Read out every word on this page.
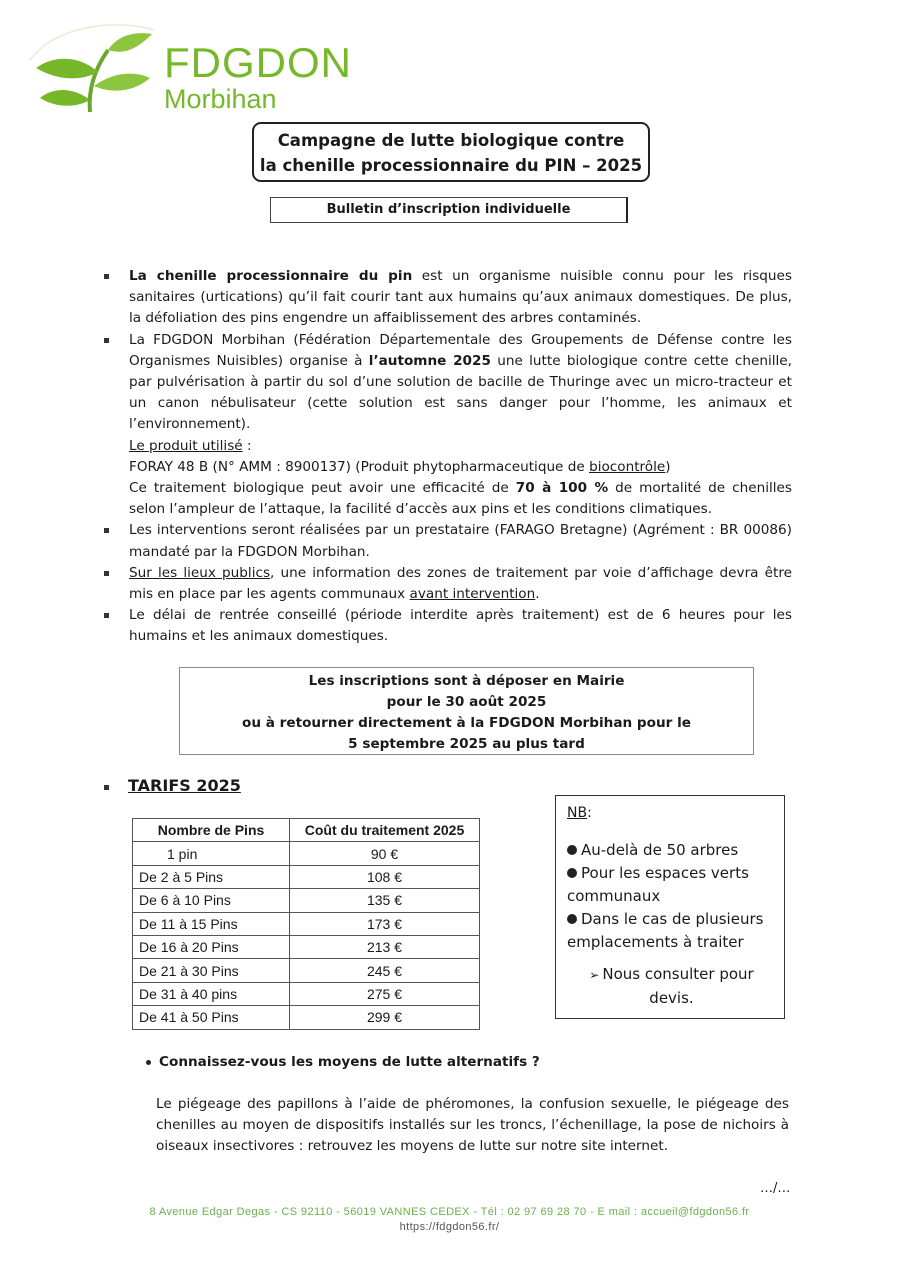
FDGDON
Morbihan
Campagne de lutte biologique contre
la chenille processionnaire du PIN – 2025
Bulletin d’inscription individuelle
La chenille processionnaire du pin est un organisme nuisible connu pour les risques sanitaires (urtications) qu’il fait courir tant aux humains qu’aux animaux domestiques. De plus, la défoliation des pins engendre un affaiblissement des arbres contaminés.
La FDGDON Morbihan (Fédération Départementale des Groupements de Défense contre les Organismes Nuisibles) organise à l’automne 2025 une lutte biologique contre cette chenille, par pulvérisation à partir du sol d’une solution de bacille de Thuringe avec un micro-tracteur et un canon nébulisateur (cette solution est sans danger pour l’homme, les animaux et l’environnement).
Le produit utilisé :
FORAY 48 B (N° AMM : 8900137) (Produit phytopharmaceutique de biocontrôle)
Ce traitement biologique peut avoir une efficacité de 70 à 100 % de mortalité de chenilles selon l’ampleur de l’attaque, la facilité d’accès aux pins et les conditions climatiques.
Les interventions seront réalisées par un prestataire (FARAGO Bretagne) (Agrément : BR 00086) mandaté par la FDGDON Morbihan.
Sur les lieux publics, une information des zones de traitement par voie d’affichage devra être mis en place par les agents communaux avant intervention.
Le délai de rentrée conseillé (période interdite après traitement) est de 6 heures pour les humains et les animaux domestiques.
Les inscriptions sont à déposer en Mairie
pour le 30 août 2025
ou à retourner directement à la FDGDON Morbihan pour le
5 septembre 2025 au plus tard
TARIFS 2025
Nombre de Pins	Coût du traitement 2025
1 pin	90 €
De 2 à 5 Pins	108 €
De 6 à 10 Pins	135 €
De 11 à 15 Pins	173 €
De 16 à 20 Pins	213 €
De 21 à 30 Pins	245 €
De 31 à 40 pins	275 €
De 41 à 50 Pins	299 €
NB:
Au-delà de 50 arbres
Pour les espaces verts
communaux
Dans le cas de plusieurs
emplacements à traiter
➢ Nous consulter pour
devis.
Connaissez-vous les moyens de lutte alternatifs ?
Le piégeage des papillons à l’aide de phéromones, la confusion sexuelle, le piégeage des chenilles au moyen de dispositifs installés sur les troncs, l’échenillage, la pose de nichoirs à oiseaux insectivores : retrouvez les moyens de lutte sur notre site internet.
…/…
8 Avenue Edgar Degas - CS 92110 - 56019 VANNES CEDEX - Tél : 02 97 69 28 70 - E mail : accueil@fdgdon56.fr
https://fdgdon56.fr/
